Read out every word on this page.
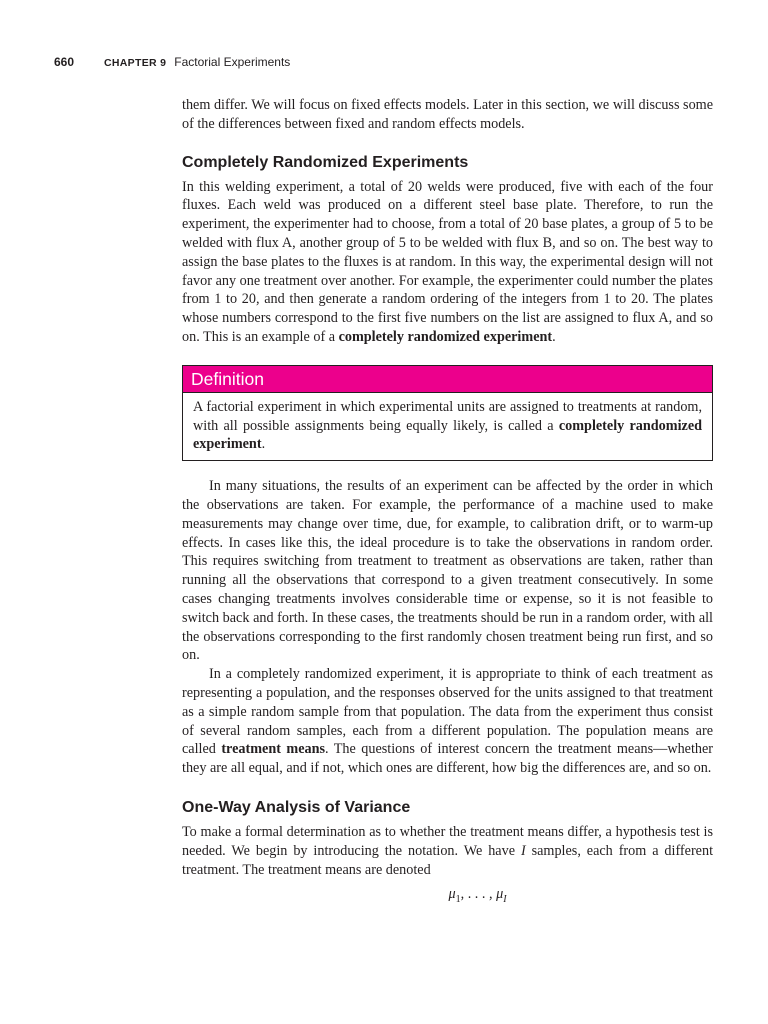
660	CHAPTER 9 Factorial Experiments

them differ. We will focus on fixed effects models. Later in this section, we will discuss some of the differences between fixed and random effects models.

Completely Randomized Experiments

In this welding experiment, a total of 20 welds were produced, five with each of the four fluxes. Each weld was produced on a different steel base plate. Therefore, to run the experiment, the experimenter had to choose, from a total of 20 base plates, a group of 5 to be welded with flux A, another group of 5 to be welded with flux B, and so on. The best way to assign the base plates to the fluxes is at random. In this way, the experimental design will not favor any one treatment over another. For example, the experimenter could number the plates from 1 to 20, and then generate a random ordering of the integers from 1 to 20. The plates whose numbers correspond to the first five numbers on the list are assigned to flux A, and so on. This is an example of a completely randomized experiment.

Definition
A factorial experiment in which experimental units are assigned to treatments at random, with all possible assignments being equally likely, is called a completely randomized experiment.

In many situations, the results of an experiment can be affected by the order in which the observations are taken. For example, the performance of a machine used to make measurements may change over time, due, for example, to calibration drift, or to warm-up effects. In cases like this, the ideal procedure is to take the observations in random order. This requires switching from treatment to treatment as observations are taken, rather than running all the observations that correspond to a given treatment consecutively. In some cases changing treatments involves considerable time or expense, so it is not feasible to switch back and forth. In these cases, the treatments should be run in a random order, with all the observations corresponding to the first randomly chosen treatment being run first, and so on.

In a completely randomized experiment, it is appropriate to think of each treatment as representing a population, and the responses observed for the units assigned to that treatment as a simple random sample from that population. The data from the experiment thus consist of several random samples, each from a different population. The population means are called treatment means. The questions of interest concern the treatment means—whether they are all equal, and if not, which ones are different, how big the differences are, and so on.

One-Way Analysis of Variance

To make a formal determination as to whether the treatment means differ, a hypothesis test is needed. We begin by introducing the notation. We have I samples, each from a different treatment. The treatment means are denoted

$\mu_1$, . . . , $\mu_I$
